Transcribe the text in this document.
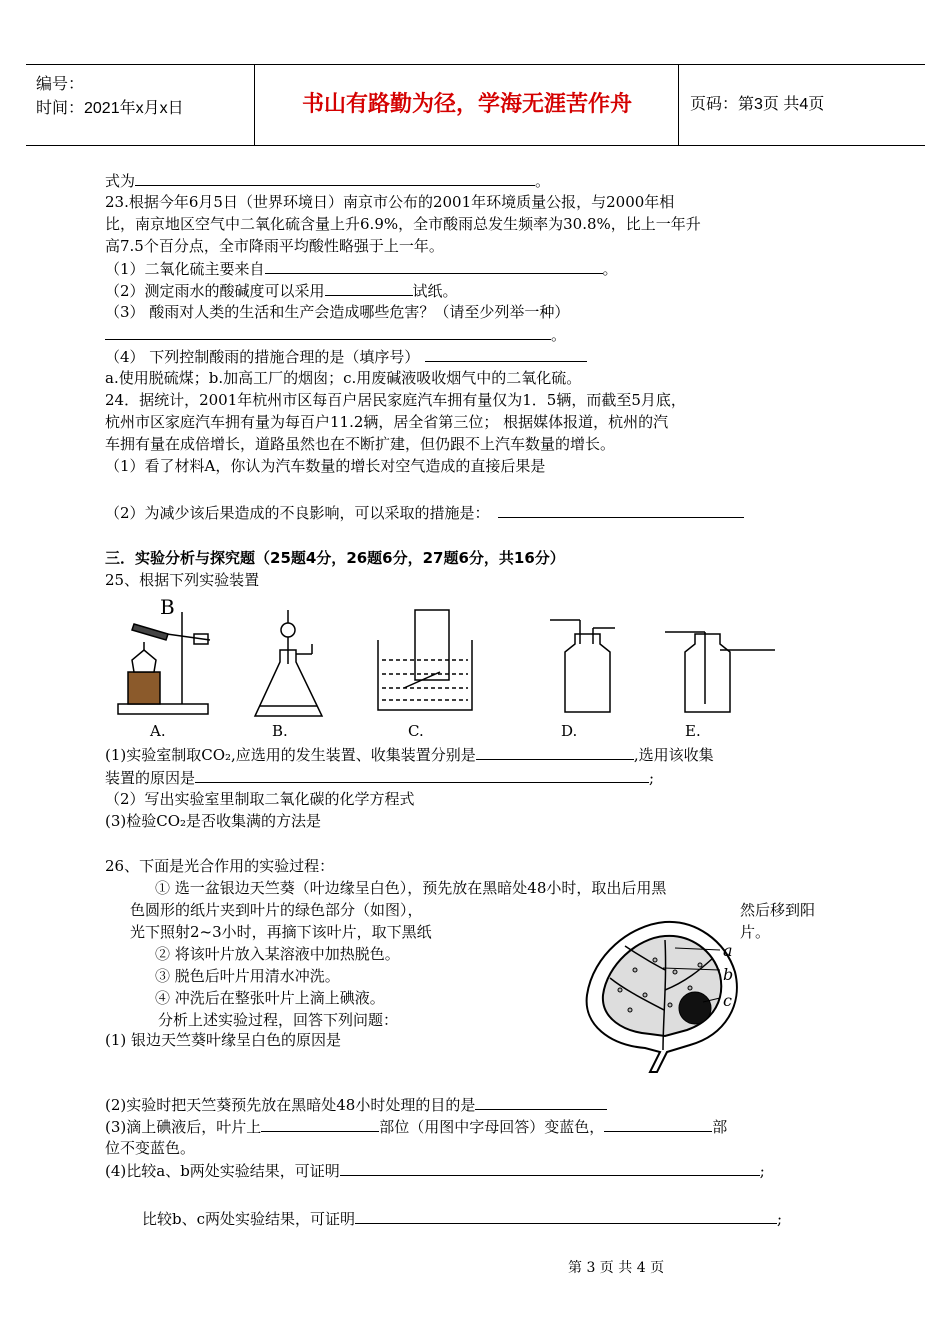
编号：
时间：2021年x月x日	书山有路勤为径，学海无涯苦作舟	页码：第3页 共4页
式为	。
23.根据今年6月5日（世界环境日）南京市公布的2001年环境质量公报，与2000年相
比，南京地区空气中二氧化硫含量上升6.9%，全市酸雨总发生频率为30.8%，比上一年升
高7.5个百分点，全市降雨平均酸性略强于上一年。
（1）二氧化硫主要来自	。
（2）测定雨水的酸碱度可以采用	试纸。
（3） 酸雨对人类的生活和生产会造成哪些危害？（请至少列举一种）
。
（4） 下列控制酸雨的措施合理的是（填序号）
a.使用脱硫煤；b.加高工厂的烟囱；c.用废碱液吸收烟气中的二氧化硫。
24．据统计，2001年杭州市区每百户居民家庭汽车拥有量仅为1．5辆，而截至5月底，
杭州市区家庭汽车拥有量为每百户11.2辆，居全省第三位； 根据媒体报道，杭州的汽
车拥有量在成倍增长，道路虽然也在不断扩建，但仍跟不上汽车数量的增长。
（1）看了材料A，你认为汽车数量的增长对空气造成的直接后果是
（2）为减少该后果造成的不良影响，可以采取的措施是：
三．实验分析与探究题（25题4分，26题6分，27题6分，共16分）
25、根据下列实验装置
B
A.	B.	C.	D.	E.
(1)实验室制取CO₂,应选用的发生装置、收集装置分别是	,选用该收集
装置的原因是	;
（2）写出实验室里制取二氧化碳的化学方程式
(3)检验CO₂是否收集满的方法是
26、下面是光合作用的实验过程：
① 选一盆银边天竺葵（叶边缘呈白色），预先放在黑暗处48小时，取出后用黑
色圆形的纸片夹到叶片的绿色部分（如图），	然后移到阳
光下照射2~3小时，再摘下该叶片，取下黑纸	片。
② 将该叶片放入某溶液中加热脱色。
③ 脱色后叶片用清水冲洗。
④ 冲洗后在整张叶片上滴上碘液。
分析上述实验过程，回答下列问题：
(1) 银边天竺葵叶缘呈白色的原因是
a
b
c
(2)实验时把天竺葵预先放在黑暗处48小时处理的目的是
(3)滴上碘液后，叶片上	部位（用图中字母回答）变蓝色，	部
位不变蓝色。
(4)比较a、b两处实验结果，可证明	;
比较b、c两处实验结果，可证明	;
第 3 页 共 4 页
